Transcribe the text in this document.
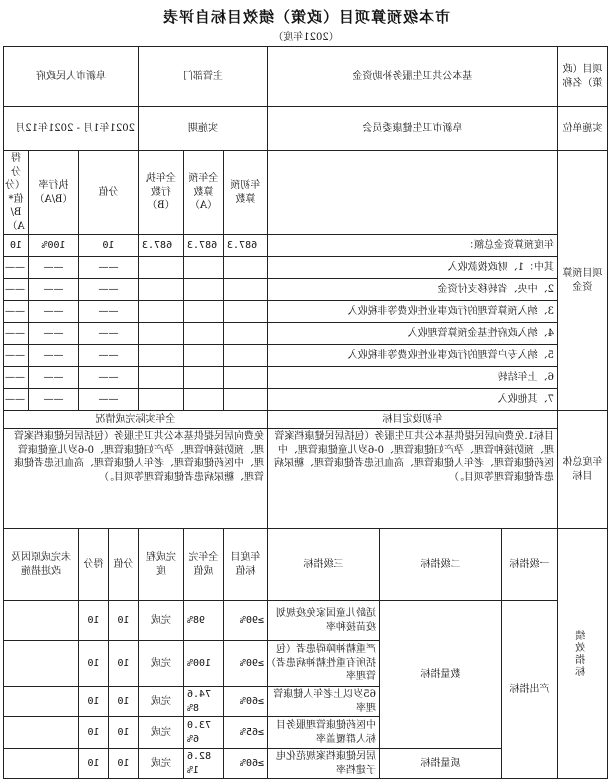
市本级预算项目（政策）绩效目标自评表

（2021年度）

项目（政策）名称	基本公共卫生服务补助资金			主管部门			阜新市人民政府			
实施单位	阜新市卫生健康委员会			实施期			2021年1月 - 2021年12月			
项目预算资金				年初预算数	全年预算数（A）	全年执行数（B）	分值		执行率（B/A）	得分（分值*B/A）
	年度预算资金总额：			687.3	687.3	687.3	10		100%	10
	其中：1、财政拨款收入						——		——	——
	2、中央、省转移支付资金						——		——	——
	3、纳入预算管理的行政事业性收费等非税收入						——		——	——
	4、纳入政府性基金预算管理收入						——		——	——
	5、纳入专户管理的行政事业性收费等非税收入						——		——	——
	6、上年结转						——		——	——
	7、其他收入						——		——	——
年度总体目标	年初设定目标			全年实际完成情况						
	目标1.免费向居民提供基本公共卫生服务（包括居民健康档案管理、预防接种管理、孕产妇健康管理、0-6岁儿童健康管理、中医药健康管理、老年人健康管理、高血压患者健康管理、糖尿病患者健康管理等项目。）			免费向居民提供基本公共卫生服务（包括居民健康档案管理、预防接种管理、孕产妇健康管理、0-6岁儿童健康管理、中医药健康管理、老年人健康管理、高血压患者健康管理、糖尿病患者健康管理等项目。）						
绩效指标	一级指标	二级指标	三级指标	年度目标值	全年完成值	完成程度	分值	得分	未完成原因及改进措施	
	产出指标	数量指标	适龄儿童国家免疫规划疫苗接种率	≥90%	98%	完成	10	10		
			严重精神障碍患者（包括所有重性精神病患者）管理率	≥90%	100%	完成	10	10		
			65岁以上老年人健康管理率	≥60%	74.68%	完成	10	10		
			中医药健康管理服务目标人群覆盖率	≥65%	73.06%	完成	10	10		
		质量指标	居民健康档案规范化电子建档率	≥60%	82.61%	完成	10	10		
